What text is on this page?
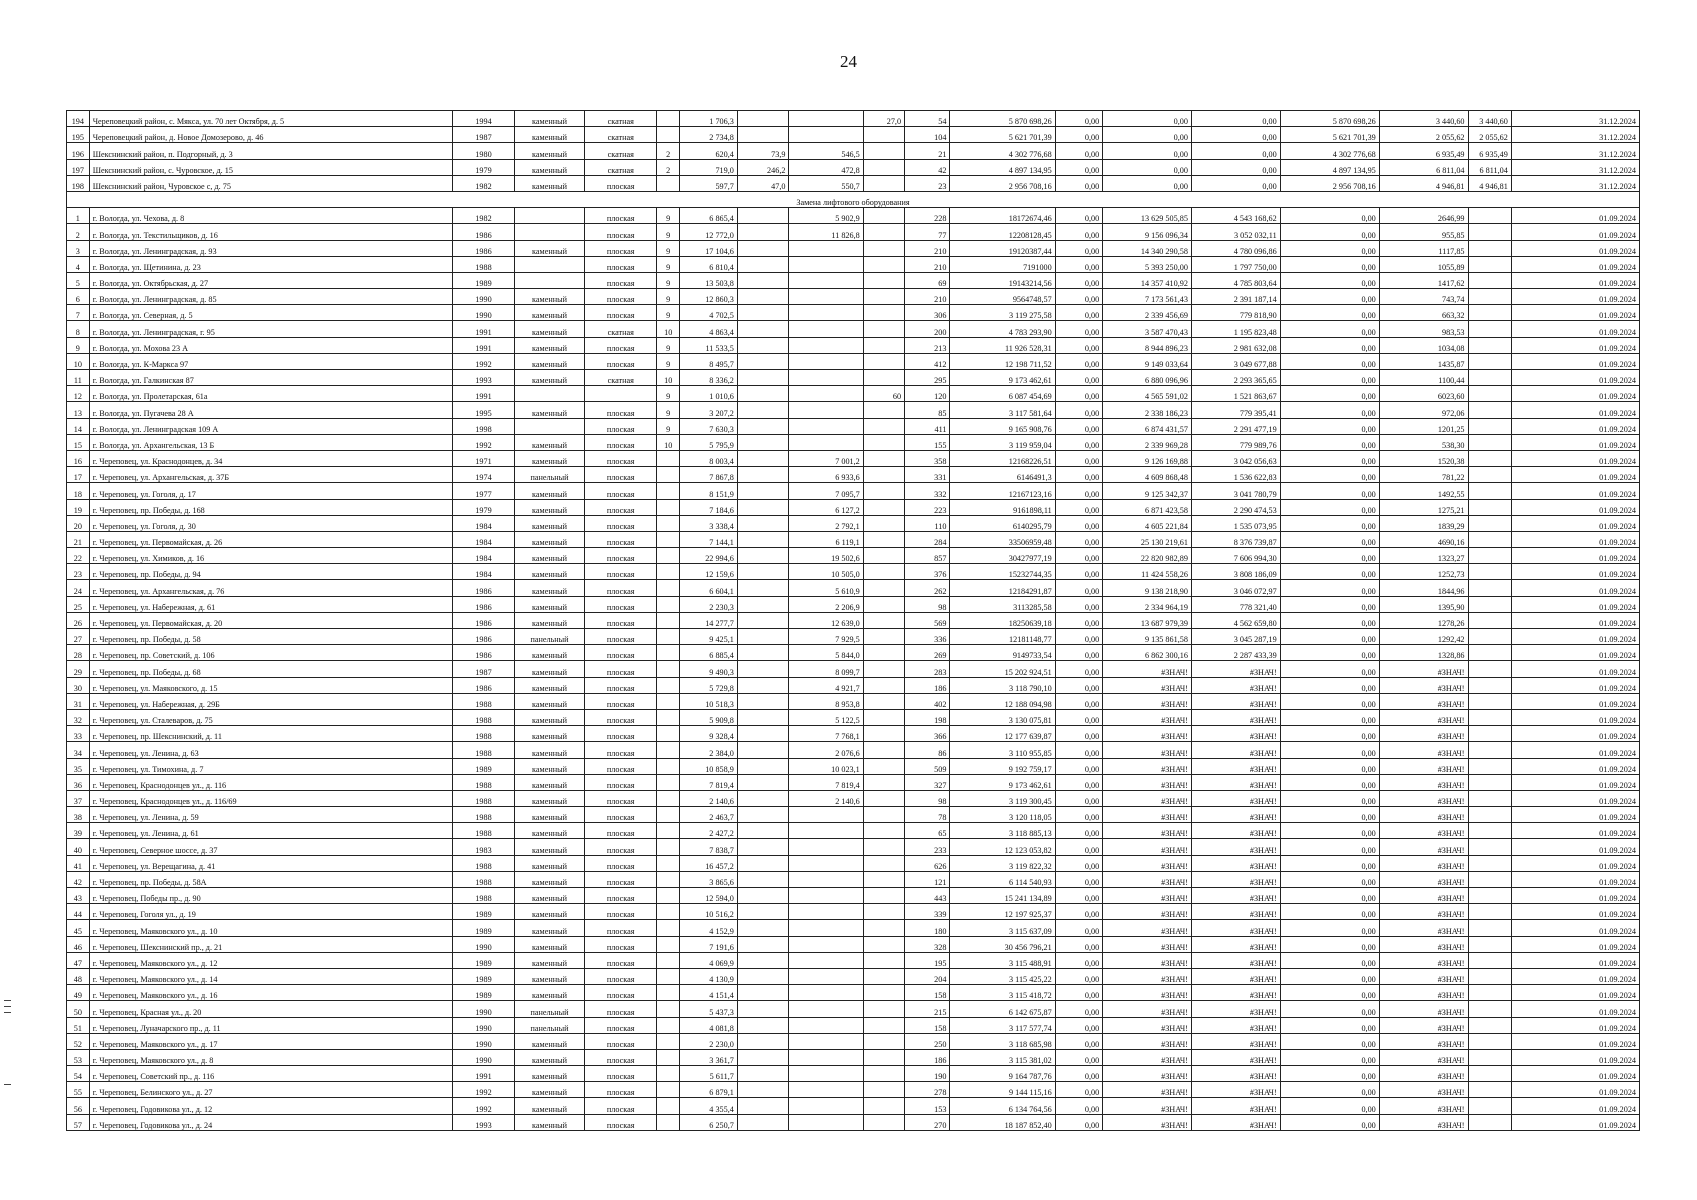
24
194	Череповецкий район, с. Мякса, ул. 70 лет Октября, д. 5	1994	каменный	скатная		1 706,3			27,0	54	5 870 698,26	0,00	0,00	0,00	5 870 698,26	3 440,60	3 440,60	31.12.2024
195	Череповецкий район, д. Новое Домозерово, д. 46	1987	каменный	скатная		2 734,8				104	5 621 701,39	0,00	0,00	0,00	5 621 701,39	2 055,62	2 055,62	31.12.2024
196	Шекснинский район, п. Подгорный, д. 3	1980	каменный	скатная	2	620,4	73,9	546,5		21	4 302 776,68	0,00	0,00	0,00	4 302 776,68	6 935,49	6 935,49	31.12.2024
197	Шекснинский район, с. Чуровское, д. 15	1979	каменный	скатная	2	719,0	246,2	472,8		42	4 897 134,95	0,00	0,00	0,00	4 897 134,95	6 811,04	6 811,04	31.12.2024
198	Шекснинский район, Чуровское с, д. 75	1982	каменный	плоская		597,7	47,0	550,7		23	2 956 708,16	0,00	0,00	0,00	2 956 708,16	4 946,81	4 946,81	31.12.2024
Замена лифтового оборудования																		
1	г. Вологда, ул. Чехова, д. 8	1982		плоская	9	6 865,4		5 902,9		228	18172674,46	0,00	13 629 505,85	4 543 168,62	0,00	2646,99		01.09.2024
2	г. Вологда, ул. Текстильщиков, д. 16	1986		плоская	9	12 772,0		11 826,8		77	12208128,45	0,00	9 156 096,34	3 052 032,11	0,00	955,85		01.09.2024
3	г. Вологда, ул. Ленинградская, д. 93	1986	каменный	плоская	9	17 104,6				210	19120387,44	0,00	14 340 290,58	4 780 096,86	0,00	1117,85		01.09.2024
4	г. Вологда, ул. Щетинина, д. 23	1988		плоская	9	6 810,4				210	7191000	0,00	5 393 250,00	1 797 750,00	0,00	1055,89		01.09.2024
5	г. Вологда, ул. Октябрьская, д. 27	1989		плоская	9	13 503,8				69	19143214,56	0,00	14 357 410,92	4 785 803,64	0,00	1417,62		01.09.2024
6	г. Вологда, ул. Ленинградская, д. 85	1990	каменный	плоская	9	12 860,3				210	9564748,57	0,00	7 173 561,43	2 391 187,14	0,00	743,74		01.09.2024
7	г. Вологда, ул. Северная, д. 5	1990	каменный	плоская	9	4 702,5				306	3 119 275,58	0,00	2 339 456,69	779 818,90	0,00	663,32		01.09.2024
8	г. Вологда, ул. Ленинградская, г. 95	1991	каменный	скатная	10	4 863,4				200	4 783 293,90	0,00	3 587 470,43	1 195 823,48	0,00	983,53		01.09.2024
9	г. Вологда, ул. Мохова 23 А	1991	каменный	плоская	9	11 533,5				213	11 926 528,31	0,00	8 944 896,23	2 981 632,08	0,00	1034,08		01.09.2024
10	г. Вологда, ул. К-Маркса 97	1992	каменный	плоская	9	8 495,7				412	12 198 711,52	0,00	9 149 033,64	3 049 677,88	0,00	1435,87		01.09.2024
11	г. Вологда, ул. Галкинская 87	1993	каменный	скатная	10	8 336,2				295	9 173 462,61	0,00	6 880 096,96	2 293 365,65	0,00	1100,44		01.09.2024
12	г. Вологда, ул. Пролетарская, 61а	1991			9	1 010,6			60	120	6 087 454,69	0,00	4 565 591,02	1 521 863,67	0,00	6023,60		01.09.2024
13	г. Вологда, ул. Пугачева 28 А	1995	каменный	плоская	9	3 207,2				85	3 117 581,64	0,00	2 338 186,23	779 395,41	0,00	972,06		01.09.2024
14	г. Вологда, ул. Ленинградская 109 А	1998		плоская	9	7 630,3				411	9 165 908,76	0,00	6 874 431,57	2 291 477,19	0,00	1201,25		01.09.2024
15	г. Вологда, ул. Архангельская, 13 Б	1992	каменный	плоская	10	5 795,9				155	3 119 959,04	0,00	2 339 969,28	779 989,76	0,00	538,30		01.09.2024
16	г. Череповец, ул. Краснодонцев, д. 34	1971	каменный	плоская		8 003,4		7 001,2		358	12168226,51	0,00	9 126 169,88	3 042 056,63	0,00	1520,38		01.09.2024
17	г. Череповец, ул. Архангельская, д. 37Б	1974	панельный	плоская		7 867,8		6 933,6		331	6146491,3	0,00	4 609 868,48	1 536 622,83	0,00	781,22		01.09.2024
18	г. Череповец, ул. Гоголя, д. 17	1977	каменный	плоская		8 151,9		7 095,7		332	12167123,16	0,00	9 125 342,37	3 041 780,79	0,00	1492,55		01.09.2024
19	г. Череповец, пр. Победы, д. 168	1979	каменный	плоская		7 184,6		6 127,2		223	9161898,11	0,00	6 871 423,58	2 290 474,53	0,00	1275,21		01.09.2024
20	г. Череповец, ул. Гоголя, д. 30	1984	каменный	плоская		3 338,4		2 792,1		110	6140295,79	0,00	4 605 221,84	1 535 073,95	0,00	1839,29		01.09.2024
21	г. Череповец, ул. Первомайская, д. 26	1984	каменный	плоская		7 144,1		6 119,1		284	33506959,48	0,00	25 130 219,61	8 376 739,87	0,00	4690,16		01.09.2024
22	г. Череповец, ул. Химиков, д. 16	1984	каменный	плоская		22 994,6		19 502,6		857	30427977,19	0,00	22 820 982,89	7 606 994,30	0,00	1323,27		01.09.2024
23	г. Череповец, пр. Победы, д. 94	1984	каменный	плоская		12 159,6		10 505,0		376	15232744,35	0,00	11 424 558,26	3 808 186,09	0,00	1252,73		01.09.2024
24	г. Череповец, ул. Архангельская, д. 76	1986	каменный	плоская		6 604,1		5 610,9		262	12184291,87	0,00	9 138 218,90	3 046 072,97	0,00	1844,96		01.09.2024
25	г. Череповец, ул. Набережная, д. 61	1986	каменный	плоская		2 230,3		2 206,9		98	3113285,58	0,00	2 334 964,19	778 321,40	0,00	1395,90		01.09.2024
26	г. Череповец, ул. Первомайская, д. 20	1986	каменный	плоская		14 277,7		12 639,0		569	18250639,18	0,00	13 687 979,39	4 562 659,80	0,00	1278,26		01.09.2024
27	г. Череповец, пр. Победы, д. 58	1986	панельный	плоская		9 425,1		7 929,5		336	12181148,77	0,00	9 135 861,58	3 045 287,19	0,00	1292,42		01.09.2024
28	г. Череповец, пр. Советский, д. 106	1986	каменный	плоская		6 885,4		5 844,0		269	9149733,54	0,00	6 862 300,16	2 287 433,39	0,00	1328,86		01.09.2024
29	г. Череповец, пр. Победы, д. 68	1987	каменный	плоская		9 490,3		8 099,7		283	15 202 924,51	0,00	#ЗНАЧ!	#ЗНАЧ!	0,00	#ЗНАЧ!		01.09.2024
30	г. Череповец, ул. Маяковского, д. 15	1986	каменный	плоская		5 729,8		4 921,7		186	3 118 790,10	0,00	#ЗНАЧ!	#ЗНАЧ!	0,00	#ЗНАЧ!		01.09.2024
31	г. Череповец, ул. Набережная, д. 29Б	1988	каменный	плоская		10 518,3		8 953,8		402	12 188 094,98	0,00	#ЗНАЧ!	#ЗНАЧ!	0,00	#ЗНАЧ!		01.09.2024
32	г. Череповец, ул. Сталеваров, д. 75	1988	каменный	плоская		5 909,8		5 122,5		198	3 130 075,81	0,00	#ЗНАЧ!	#ЗНАЧ!	0,00	#ЗНАЧ!		01.09.2024
33	г. Череповец, пр. Шекснинский, д. 11	1988	каменный	плоская		9 328,4		7 768,1		366	12 177 639,87	0,00	#ЗНАЧ!	#ЗНАЧ!	0,00	#ЗНАЧ!		01.09.2024
34	г. Череповец, ул. Ленина, д. 63	1988	каменный	плоская		2 384,0		2 076,6		86	3 110 955,85	0,00	#ЗНАЧ!	#ЗНАЧ!	0,00	#ЗНАЧ!		01.09.2024
35	г. Череповец, ул. Тимохина, д. 7	1989	каменный	плоская		10 858,9		10 023,1		509	9 192 759,17	0,00	#ЗНАЧ!	#ЗНАЧ!	0,00	#ЗНАЧ!		01.09.2024
36	г. Череповец, Краснодонцев ул., д. 116	1988	каменный	плоская		7 819,4		7 819,4		327	9 173 462,61	0,00	#ЗНАЧ!	#ЗНАЧ!	0,00	#ЗНАЧ!		01.09.2024
37	г. Череповец, Краснодонцев ул., д. 116/69	1988	каменный	плоская		2 140,6		2 140,6		98	3 119 300,45	0,00	#ЗНАЧ!	#ЗНАЧ!	0,00	#ЗНАЧ!		01.09.2024
38	г. Череповец, ул. Ленина, д. 59	1988	каменный	плоская		2 463,7				78	3 120 118,05	0,00	#ЗНАЧ!	#ЗНАЧ!	0,00	#ЗНАЧ!		01.09.2024
39	г. Череповец, ул. Ленина, д. 61	1988	каменный	плоская		2 427,2				65	3 118 885,13	0,00	#ЗНАЧ!	#ЗНАЧ!	0,00	#ЗНАЧ!		01.09.2024
40	г. Череповец, Северное шоссе, д. 37	1983	каменный	плоская		7 838,7				233	12 123 053,82	0,00	#ЗНАЧ!	#ЗНАЧ!	0,00	#ЗНАЧ!		01.09.2024
41	г. Череповец, ул. Верещагина, д. 41	1988	каменный	плоская		16 457,2				626	3 119 822,32	0,00	#ЗНАЧ!	#ЗНАЧ!	0,00	#ЗНАЧ!		01.09.2024
42	г. Череповец, пр. Победы, д. 58А	1988	каменный	плоская		3 865,6				121	6 114 540,93	0,00	#ЗНАЧ!	#ЗНАЧ!	0,00	#ЗНАЧ!		01.09.2024
43	г. Череповец, Победы пр., д. 90	1988	каменный	плоская		12 594,0				443	15 241 134,89	0,00	#ЗНАЧ!	#ЗНАЧ!	0,00	#ЗНАЧ!		01.09.2024
44	г. Череповец, Гоголя ул., д. 19	1989	каменный	плоская		10 516,2				339	12 197 925,37	0,00	#ЗНАЧ!	#ЗНАЧ!	0,00	#ЗНАЧ!		01.09.2024
45	г. Череповец, Маяковского ул., д. 10	1989	каменный	плоская		4 152,9				180	3 115 637,09	0,00	#ЗНАЧ!	#ЗНАЧ!	0,00	#ЗНАЧ!		01.09.2024
46	г. Череповец, Шекснинский пр., д. 21	1990	каменный	плоская		7 191,6				328	30 456 796,21	0,00	#ЗНАЧ!	#ЗНАЧ!	0,00	#ЗНАЧ!		01.09.2024
47	г. Череповец, Маяковского ул., д. 12	1989	каменный	плоская		4 069,9				195	3 115 488,91	0,00	#ЗНАЧ!	#ЗНАЧ!	0,00	#ЗНАЧ!		01.09.2024
48	г. Череповец, Маяковского ул., д. 14	1989	каменный	плоская		4 130,9				204	3 115 425,22	0,00	#ЗНАЧ!	#ЗНАЧ!	0,00	#ЗНАЧ!		01.09.2024
49	г. Череповец, Маяковского ул., д. 16	1989	каменный	плоская		4 151,4				158	3 115 418,72	0,00	#ЗНАЧ!	#ЗНАЧ!	0,00	#ЗНАЧ!		01.09.2024
50	г. Череповец, Красная ул., д. 20	1990	панельный	плоская		5 437,3				215	6 142 675,87	0,00	#ЗНАЧ!	#ЗНАЧ!	0,00	#ЗНАЧ!		01.09.2024
51	г. Череповец, Луначарского пр., д. 11	1990	панельный	плоская		4 081,8				158	3 117 577,74	0,00	#ЗНАЧ!	#ЗНАЧ!	0,00	#ЗНАЧ!		01.09.2024
52	г. Череповец, Маяковского ул., д. 17	1990	каменный	плоская		2 230,0				250	3 118 685,98	0,00	#ЗНАЧ!	#ЗНАЧ!	0,00	#ЗНАЧ!		01.09.2024
53	г. Череповец, Маяковского ул., д. 8	1990	каменный	плоская		3 361,7				186	3 115 381,02	0,00	#ЗНАЧ!	#ЗНАЧ!	0,00	#ЗНАЧ!		01.09.2024
54	г. Череповец, Советский пр., д. 116	1991	каменный	плоская		5 611,7				190	9 164 787,76	0,00	#ЗНАЧ!	#ЗНАЧ!	0,00	#ЗНАЧ!		01.09.2024
55	г. Череповец, Белинского ул., д. 27	1992	каменный	плоская		6 879,1				278	9 144 115,16	0,00	#ЗНАЧ!	#ЗНАЧ!	0,00	#ЗНАЧ!		01.09.2024
56	г. Череповец, Годовикова ул., д. 12	1992	каменный	плоская		4 355,4				153	6 134 764,56	0,00	#ЗНАЧ!	#ЗНАЧ!	0,00	#ЗНАЧ!		01.09.2024
57	г. Череповец, Годовикова ул., д. 24	1993	каменный	плоская		6 250,7				270	18 187 852,40	0,00	#ЗНАЧ!	#ЗНАЧ!	0,00	#ЗНАЧ!		01.09.2024
